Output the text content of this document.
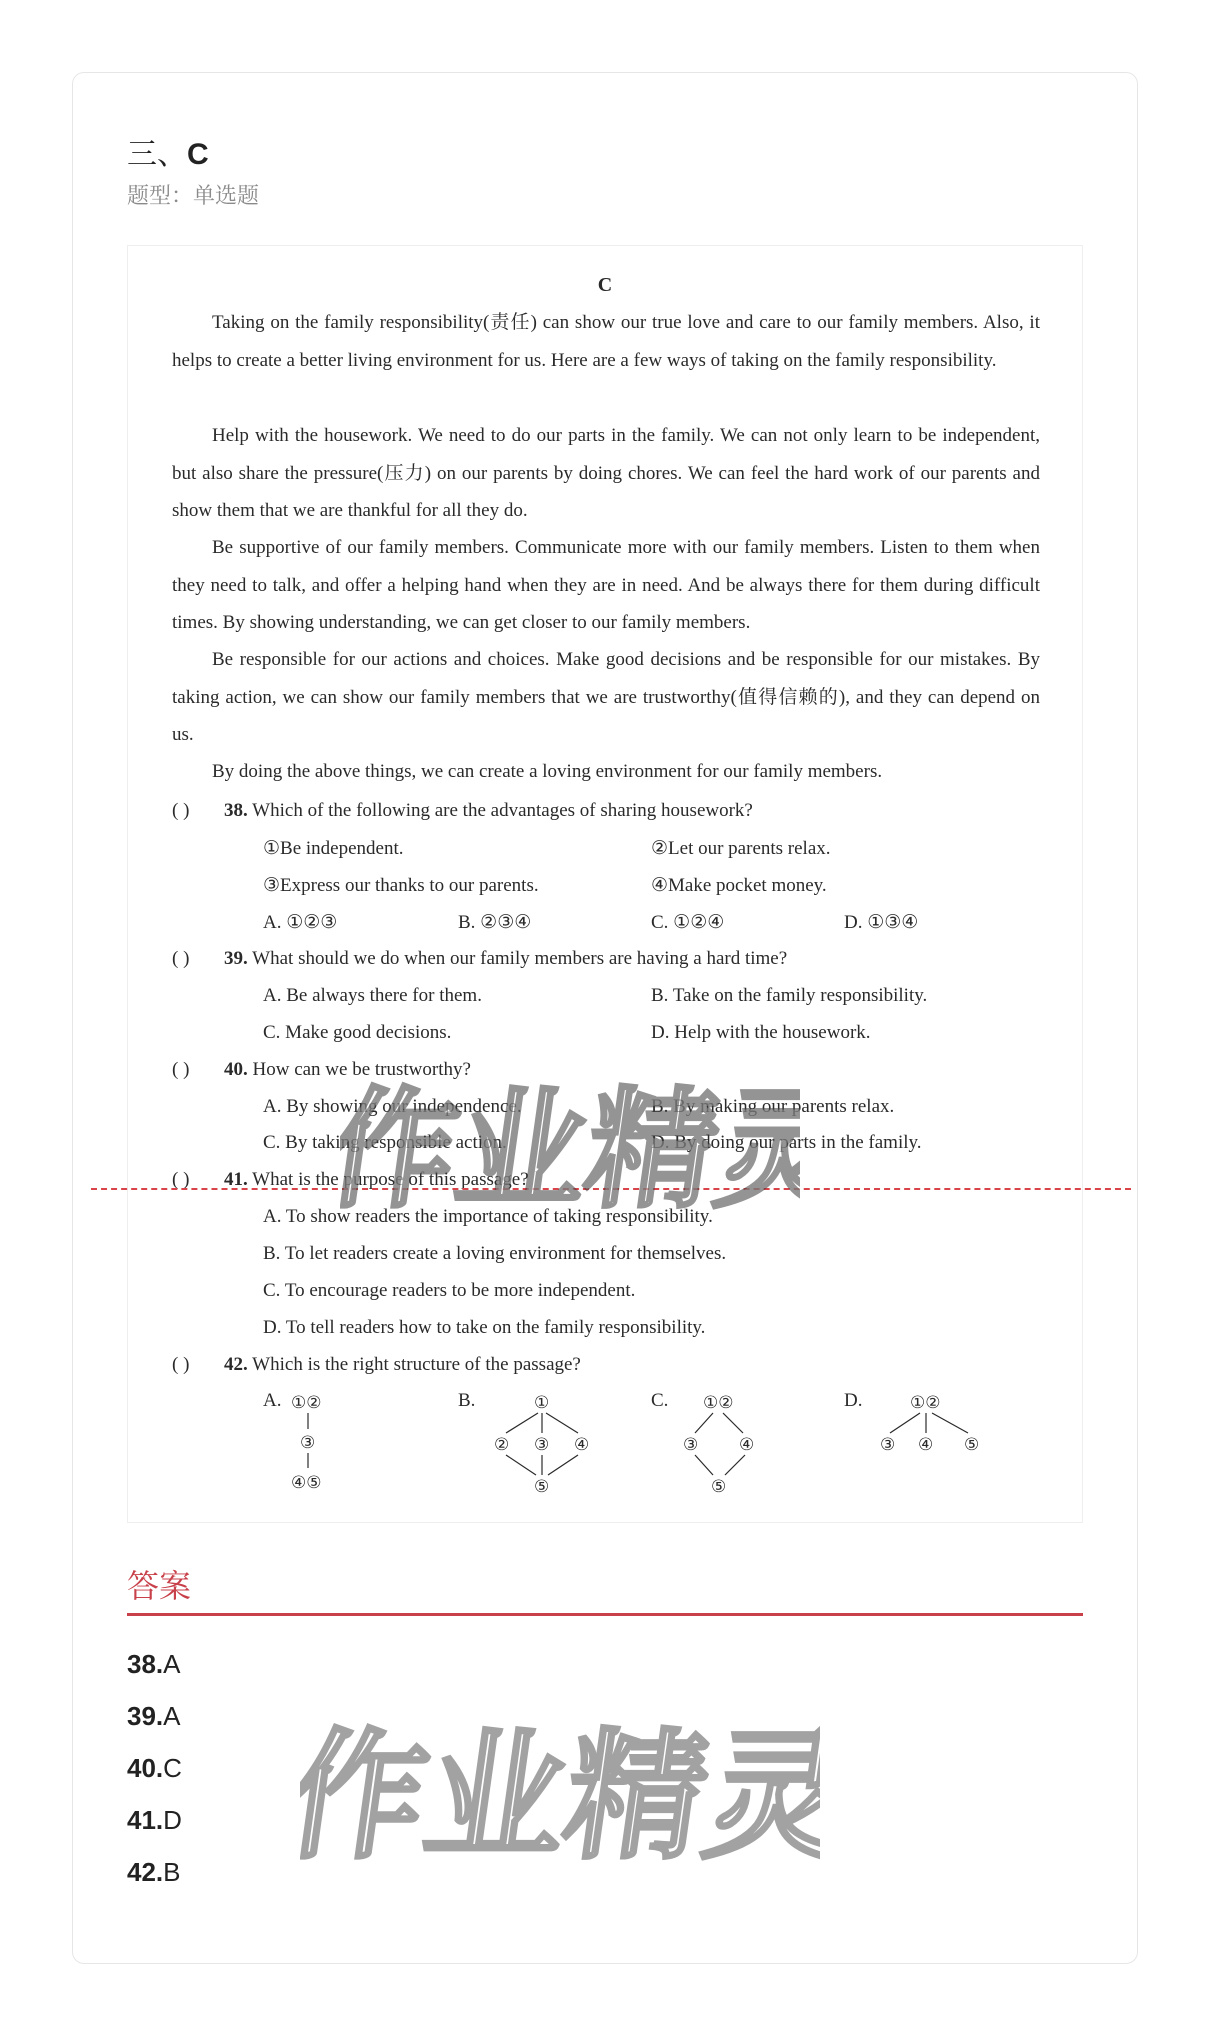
三、C
题型：单选题
C
Taking on the family responsibility(责任) can show our true love and care to our family members. Also, it helps to create a better living environment for us. Here are a few ways of taking on the family responsibility.
Help with the housework. We need to do our parts in the family. We can not only learn to be independent, but also share the pressure(压力) on our parents by doing chores. We can feel the hard work of our parents and show them that we are thankful for all they do.
Be supportive of our family members. Communicate more with our family members. Listen to them when they need to talk, and offer a helping hand when they are in need. And be always there for them during difficult times. By showing understanding, we can get closer to our family members.
Be responsible for our actions and choices. Make good decisions and be responsible for our mistakes. By taking action, we can show our family members that we are trustworthy(值得信赖的), and they can depend on us.
By doing the above things, we can create a loving environment for our family members.
( ) 38. Which of the following are the advantages of sharing housework?
①Be independent.	②Let our parents relax.
③Express our thanks to our parents.	④Make pocket money.
A. ①②③	B. ②③④	C. ①②④	D. ①③④
( ) 39. What should we do when our family members are having a hard time?
A. Be always there for them.	B. Take on the family responsibility.
C. Make good decisions.	D. Help with the housework.
( ) 40. How can we be trustworthy?
A. By showing our independence.	B. By making our parents relax.
C. By taking responsible action.	D. By doing our parts in the family.
( ) 41. What is the purpose of this passage?
A. To show readers the importance of taking responsibility.
B. To let readers create a loving environment for themselves.
C. To encourage readers to be more independent.
D. To tell readers how to take on the family responsibility.
( ) 42. Which is the right structure of the passage?
A. ①②
③
④⑤
B.	①
② ③ ④
⑤
C. ①②
③ ④
⑤
D.	①②
③ ④ ⑤
答案
38.A
39.A
40.C
41.D
42.B
作业精灵
作业精灵
